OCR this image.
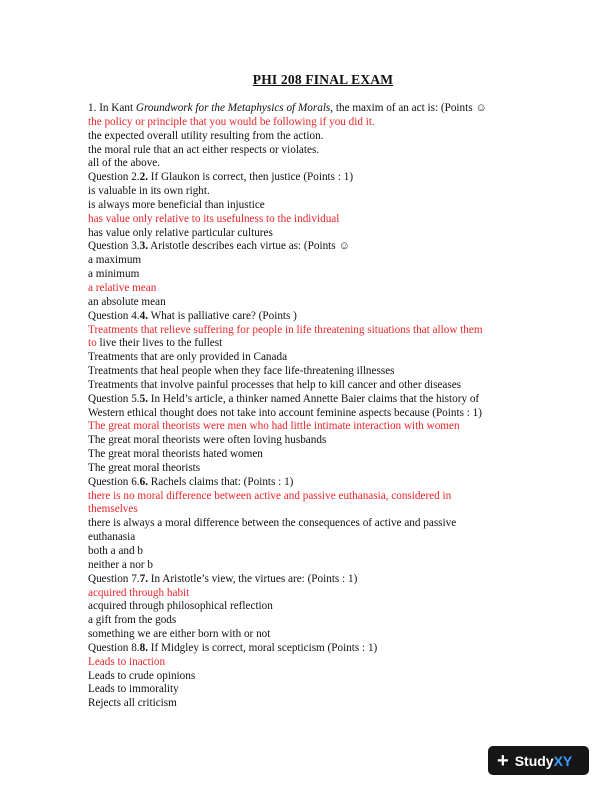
PHI 208 FINAL EXAM
1. In Kant Groundwork for the Metaphysics of Morals, the maxim of an act is: (Points ☺
the policy or principle that you would be following if you did it.
the expected overall utility resulting from the action.
the moral rule that an act either respects or violates.
all of the above.
Question 2.2. If Glaukon is correct, then justice (Points : 1)
is valuable in its own right.
is always more beneficial than injustice
has value only relative to its usefulness to the individual
has value only relative particular cultures
Question 3.3. Aristotle describes each virtue as: (Points ☺
a maximum
a minimum
a relative mean
an absolute mean
Question 4.4. What is palliative care? (Points )
Treatments that relieve suffering for people in life threatening situations that allow them
to live their lives to the fullest
Treatments that are only provided in Canada
Treatments that heal people when they face life-threatening illnesses
Treatments that involve painful processes that help to kill cancer and other diseases
Question 5.5. In Held’s article, a thinker named Annette Baier claims that the history of
Western ethical thought does not take into account feminine aspects because (Points : 1)
The great moral theorists were men who had little intimate interaction with women
The great moral theorists were often loving husbands
The great moral theorists hated women
The great moral theorists
Question 6.6. Rachels claims that: (Points : 1)
there is no moral difference between active and passive euthanasia, considered in
themselves
there is always a moral difference between the consequences of active and passive
euthanasia
both a and b
neither a nor b
Question 7.7. In Aristotle’s view, the virtues are: (Points : 1)
acquired through habit
acquired through philosophical reflection
a gift from the gods
something we are either born with or not
Question 8.8. If Midgley is correct, moral scepticism (Points : 1)
Leads to inaction
Leads to crude opinions
Leads to immorality
Rejects all criticism
+ Study XY
